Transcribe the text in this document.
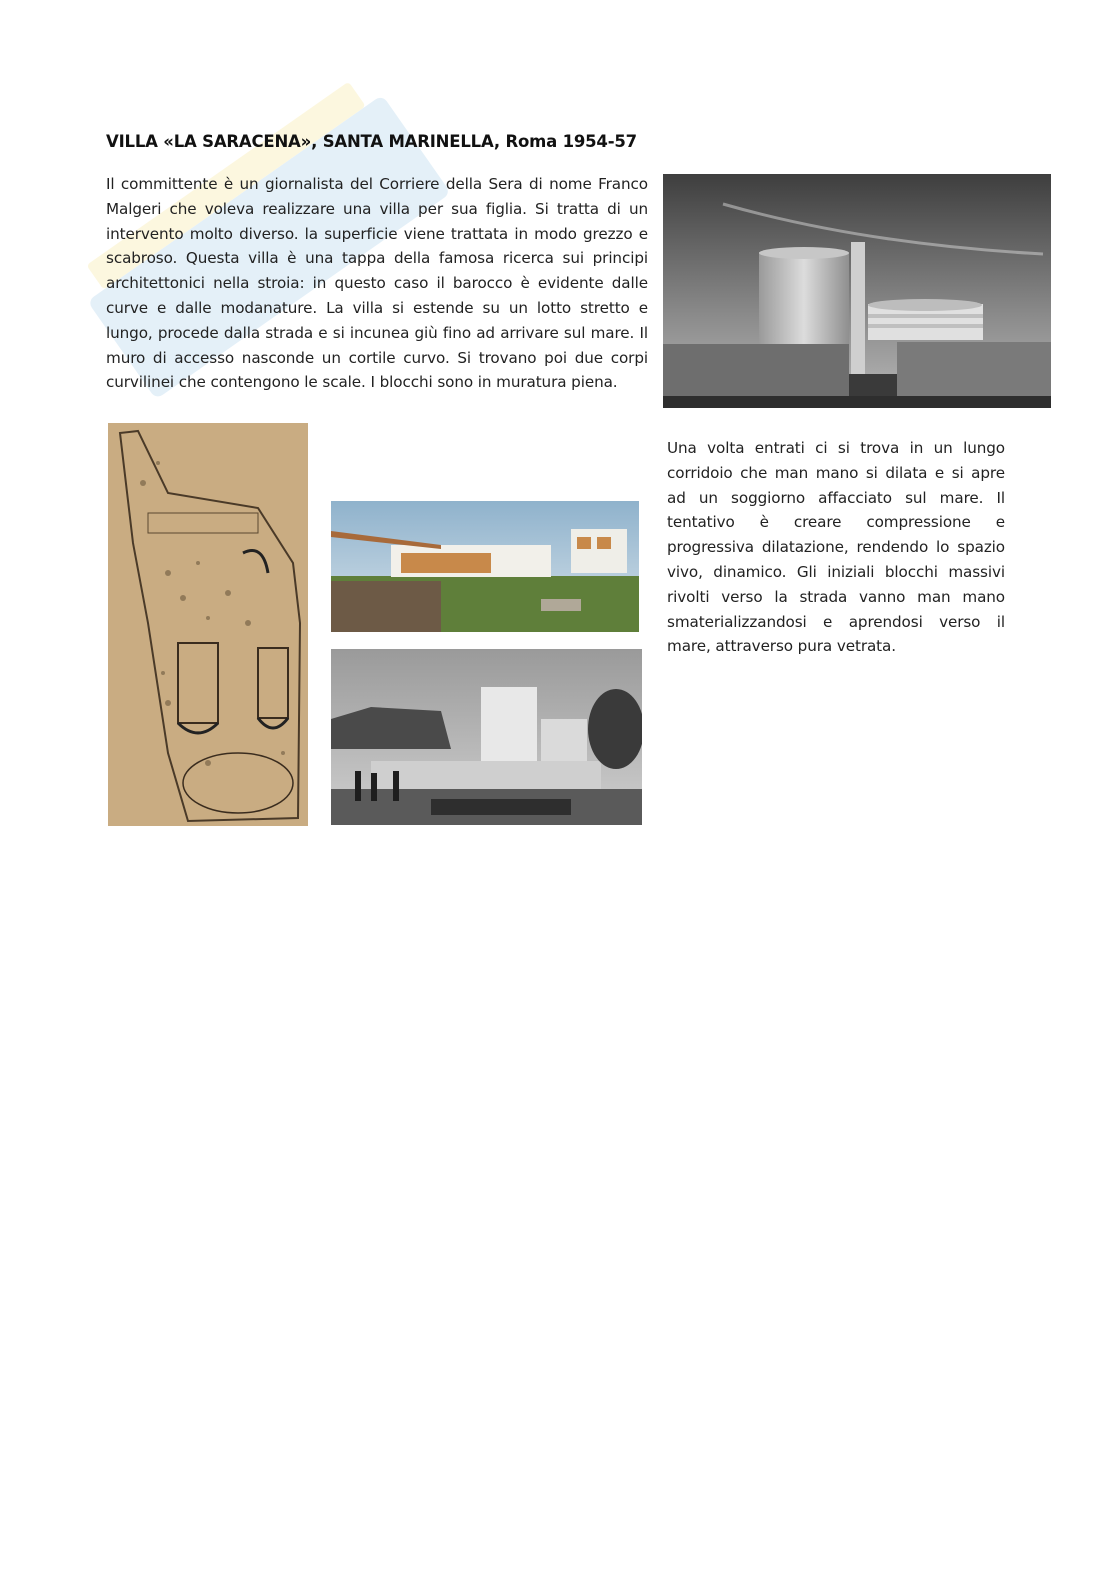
VILLA «LA SARACENA», SANTA MARINELLA, Roma 1954-57

Il committente è un giornalista del Corriere della Sera di nome Franco Malgeri che voleva realizzare una villa per sua figlia. Si tratta di un intervento molto diverso. la superficie viene trattata in modo grezzo e scabroso. Questa villa è una tappa della famosa ricerca sui principi architettonici nella stroia: in questo caso il barocco è evidente dalle curve e dalle modanature. La villa si estende su un lotto stretto e lungo, procede dalla strada e si incunea giù fino ad arrivare sul mare. Il muro di accesso nasconde un cortile curvo. Si trovano poi due corpi curvilinei che contengono le scale. I blocchi sono in muratura piena.

Una volta entrati ci si trova in un lungo corridoio che man mano si dilata e si apre ad un soggiorno affacciato sul mare. Il tentativo è creare compressione e progressiva dilatazione, rendendo lo spazio vivo, dinamico. Gli iniziali blocchi massivi rivolti verso la strada vanno man mano smaterializzandosi e aprendosi verso il mare, attraverso pura vetrata.
